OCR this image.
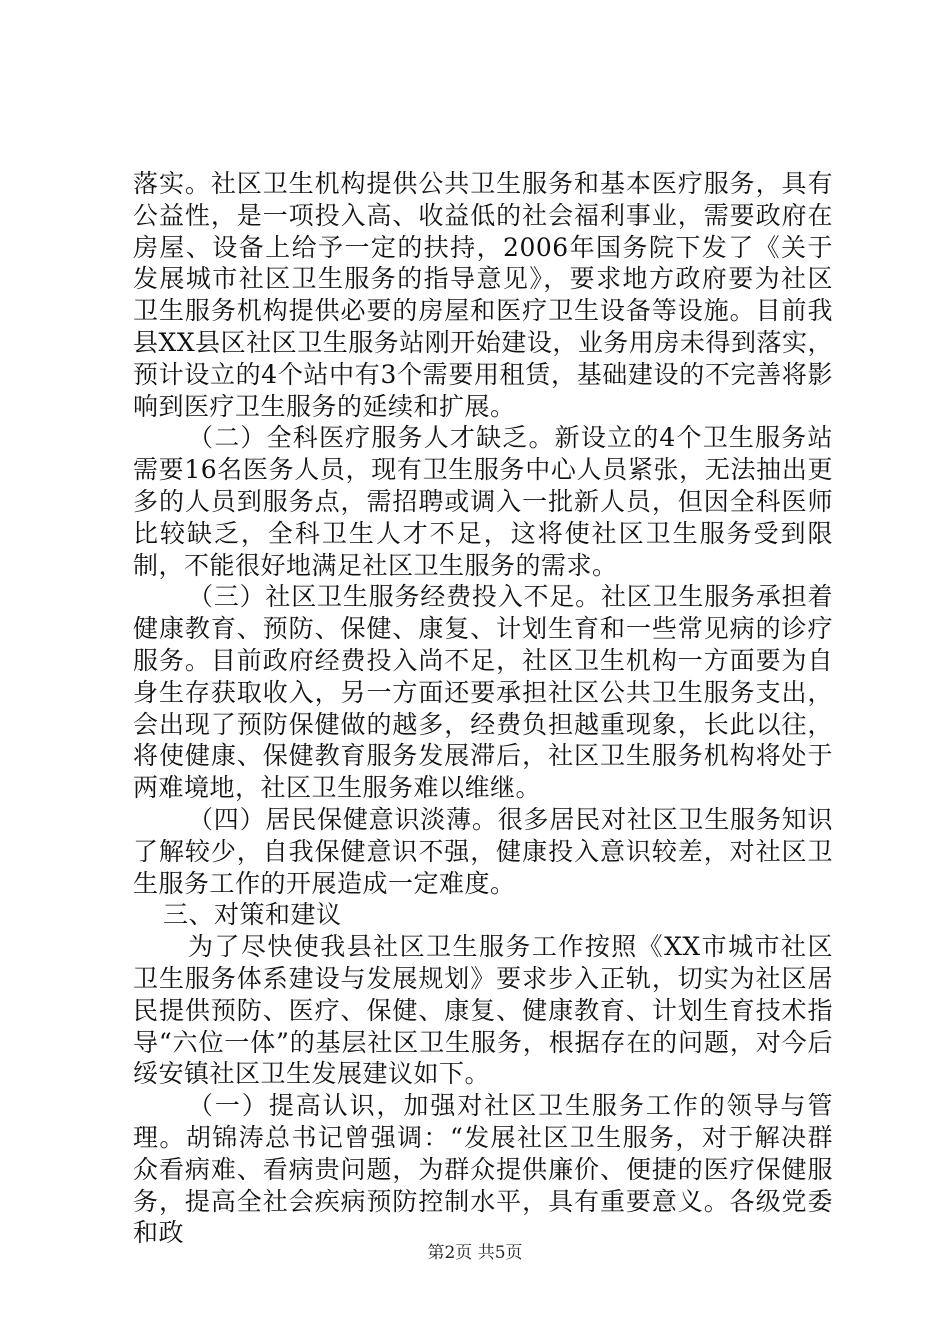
落实。社区卫生机构提供公共卫生服务和基本医疗服务，具有公益性，是一项投入高、收益低的社会福利事业，需要政府在房屋、设备上给予一定的扶持，2006年国务院下发了《关于发展城市社区卫生服务的指导意见》，要求地方政府要为社区卫生服务机构提供必要的房屋和医疗卫生设备等设施。目前我县XX县区社区卫生服务站刚开始建设，业务用房未得到落实，预计设立的4个站中有3个需要用租赁，基础建设的不完善将影响到医疗卫生服务的延续和扩展。

（二）全科医疗服务人才缺乏。新设立的4个卫生服务站需要16名医务人员，现有卫生服务中心人员紧张，无法抽出更多的人员到服务点，需招聘或调入一批新人员，但因全科医师比较缺乏，全科卫生人才不足，这将使社区卫生服务受到限制，不能很好地满足社区卫生服务的需求。

（三）社区卫生服务经费投入不足。社区卫生服务承担着健康教育、预防、保健、康复、计划生育和一些常见病的诊疗服务。目前政府经费投入尚不足，社区卫生机构一方面要为自身生存获取收入，另一方面还要承担社区公共卫生服务支出，会出现了预防保健做的越多，经费负担越重现象，长此以往，将使健康、保健教育服务发展滞后，社区卫生服务机构将处于两难境地，社区卫生服务难以维继。

（四）居民保健意识淡薄。很多居民对社区卫生服务知识了解较少，自我保健意识不强，健康投入意识较差，对社区卫生服务工作的开展造成一定难度。

三、对策和建议

为了尽快使我县社区卫生服务工作按照《XX市城市社区卫生服务体系建设与发展规划》要求步入正轨，切实为社区居民提供预防、医疗、保健、康复、健康教育、计划生育技术指导“六位一体”的基层社区卫生服务，根据存在的问题，对今后绥安镇社区卫生发展建议如下。

（一）提高认识，加强对社区卫生服务工作的领导与管理。胡锦涛总书记曾强调：“发展社区卫生服务，对于解决群众看病难、看病贵问题，为群众提供廉价、便捷的医疗保健服务，提高全社会疾病预防控制水平，具有重要意义。各级党委和政

第2页 共5页
